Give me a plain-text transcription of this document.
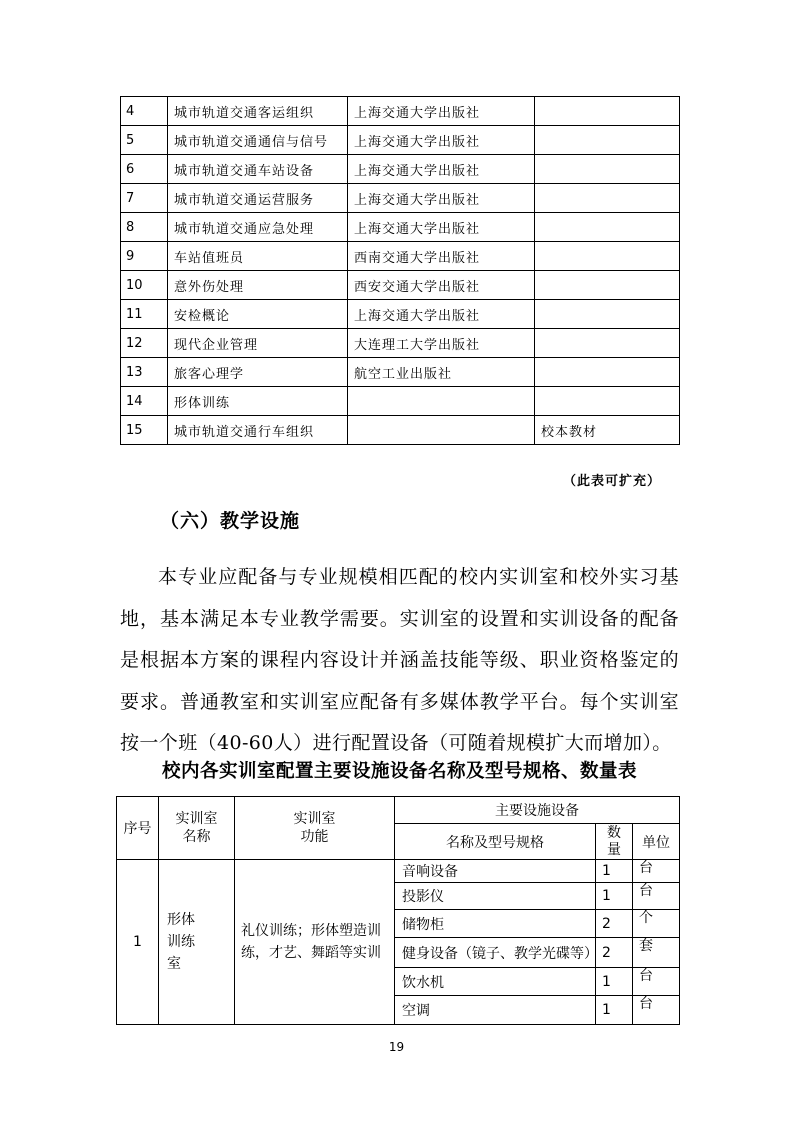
4	城市轨道交通客运组织	上海交通大学出版社	
5	城市轨道交通通信与信号	上海交通大学出版社	
6	城市轨道交通车站设备	上海交通大学出版社	
7	城市轨道交通运营服务	上海交通大学出版社	
8	城市轨道交通应急处理	上海交通大学出版社	
9	车站值班员	西南交通大学出版社	
10	意外伤处理	西安交通大学出版社	
11	安检概论	上海交通大学出版社	
12	现代企业管理	大连理工大学出版社	
13	旅客心理学	航空工业出版社	
14	形体训练		
15	城市轨道交通行车组织		校本教材
（此表可扩充）
（六）教学设施

本专业应配备与专业规模相匹配的校内实训室和校外实习基地，基本满足本专业教学需要。实训室的设置和实训设备的配备是根据本方案的课程内容设计并涵盖技能等级、职业资格鉴定的要求。普通教室和实训室应配备有多媒体教学平台。每个实训室按一个班（40-60人）进行配置设备（可随着规模扩大而增加）。

校内各实训室配置主要设施设备名称及型号规格、数量表
序号	实训室名称	实训室功能	主要设施设备		
			名称及型号规格	数量	单位
1	形体训练室	礼仪训练；形体塑造训练，才艺、舞蹈等实训	音响设备	1	台
			投影仪	1	台
			储物柜	2	个
			健身设备（镜子、教学光碟等）	2	套
			饮水机	1	台
			空调	1	台
19
